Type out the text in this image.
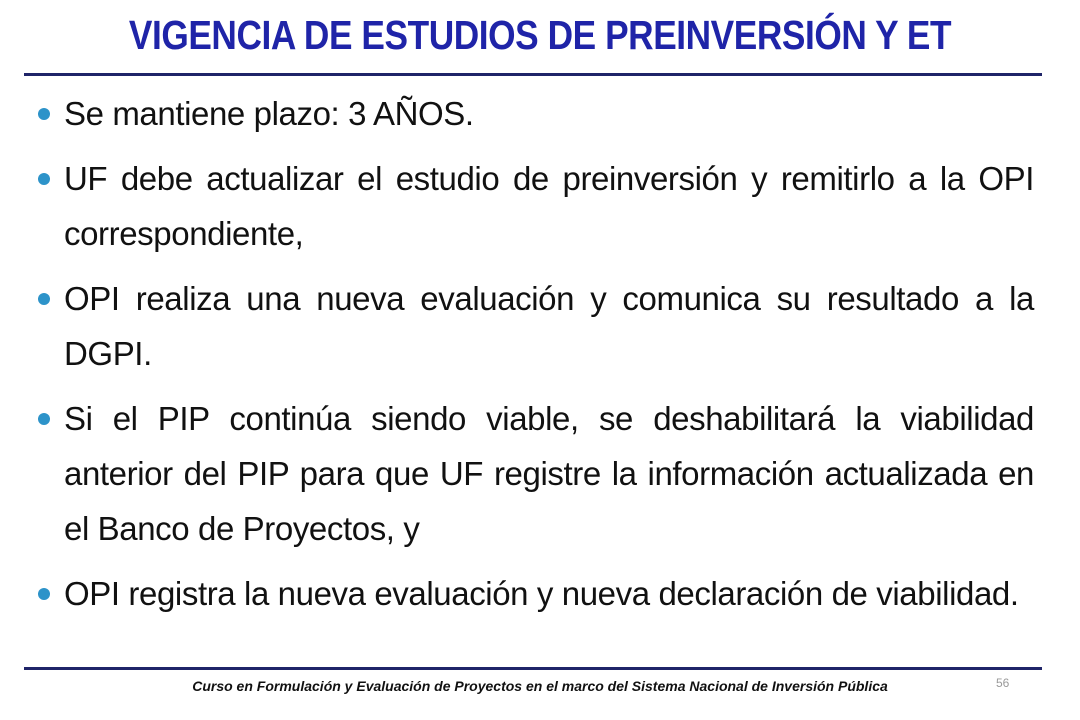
VIGENCIA DE ESTUDIOS DE PREINVERSIÓN Y ET
Se mantiene plazo: 3 AÑOS.
UF debe actualizar el estudio de preinversión y remitirlo a la OPI correspondiente,
OPI realiza una nueva evaluación y comunica su resultado a la DGPI.
Si el PIP continúa siendo viable, se deshabilitará la viabilidad anterior del PIP para que UF registre la información actualizada en el Banco de Proyectos, y
OPI registra la nueva evaluación y nueva declaración de viabilidad.
Curso en Formulación y Evaluación de Proyectos en el marco del Sistema Nacional de Inversión Pública	56
